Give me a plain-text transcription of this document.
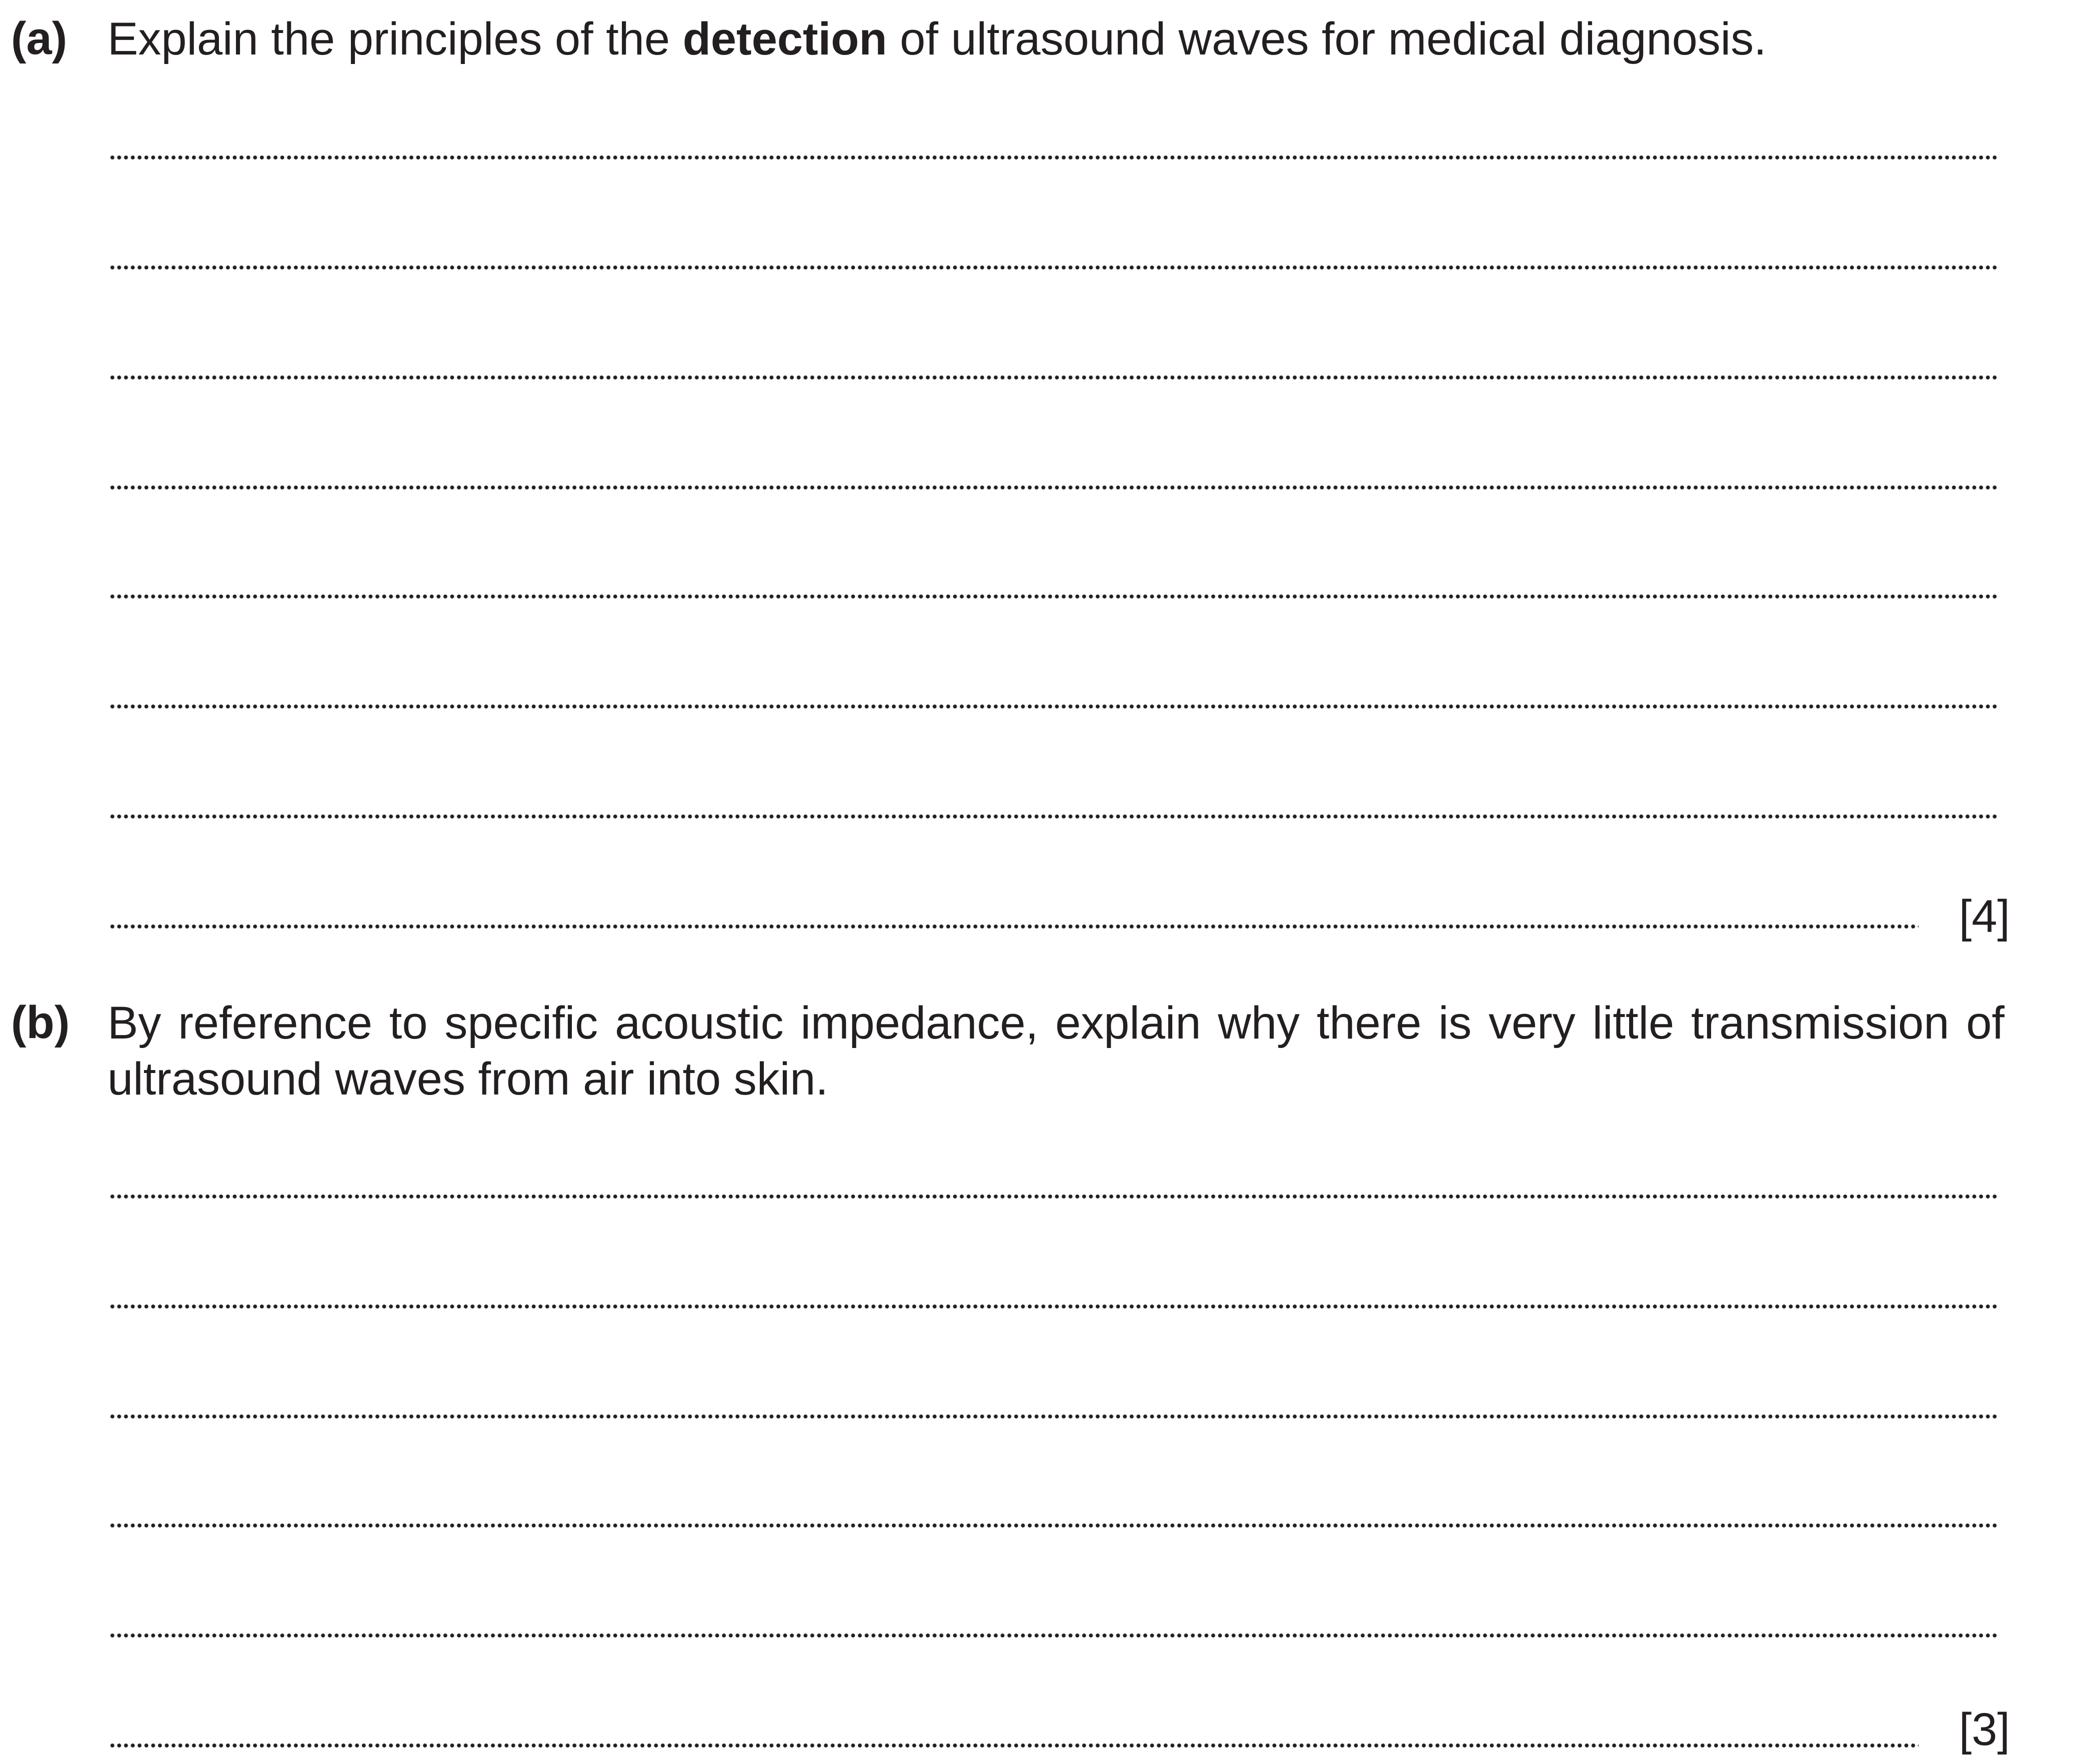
(a) Explain the principles of the detection of ultrasound waves for medical diagnosis.
[4]
(b) By reference to specific acoustic impedance, explain why there is very little transmission of ultrasound waves from air into skin.
[3]
